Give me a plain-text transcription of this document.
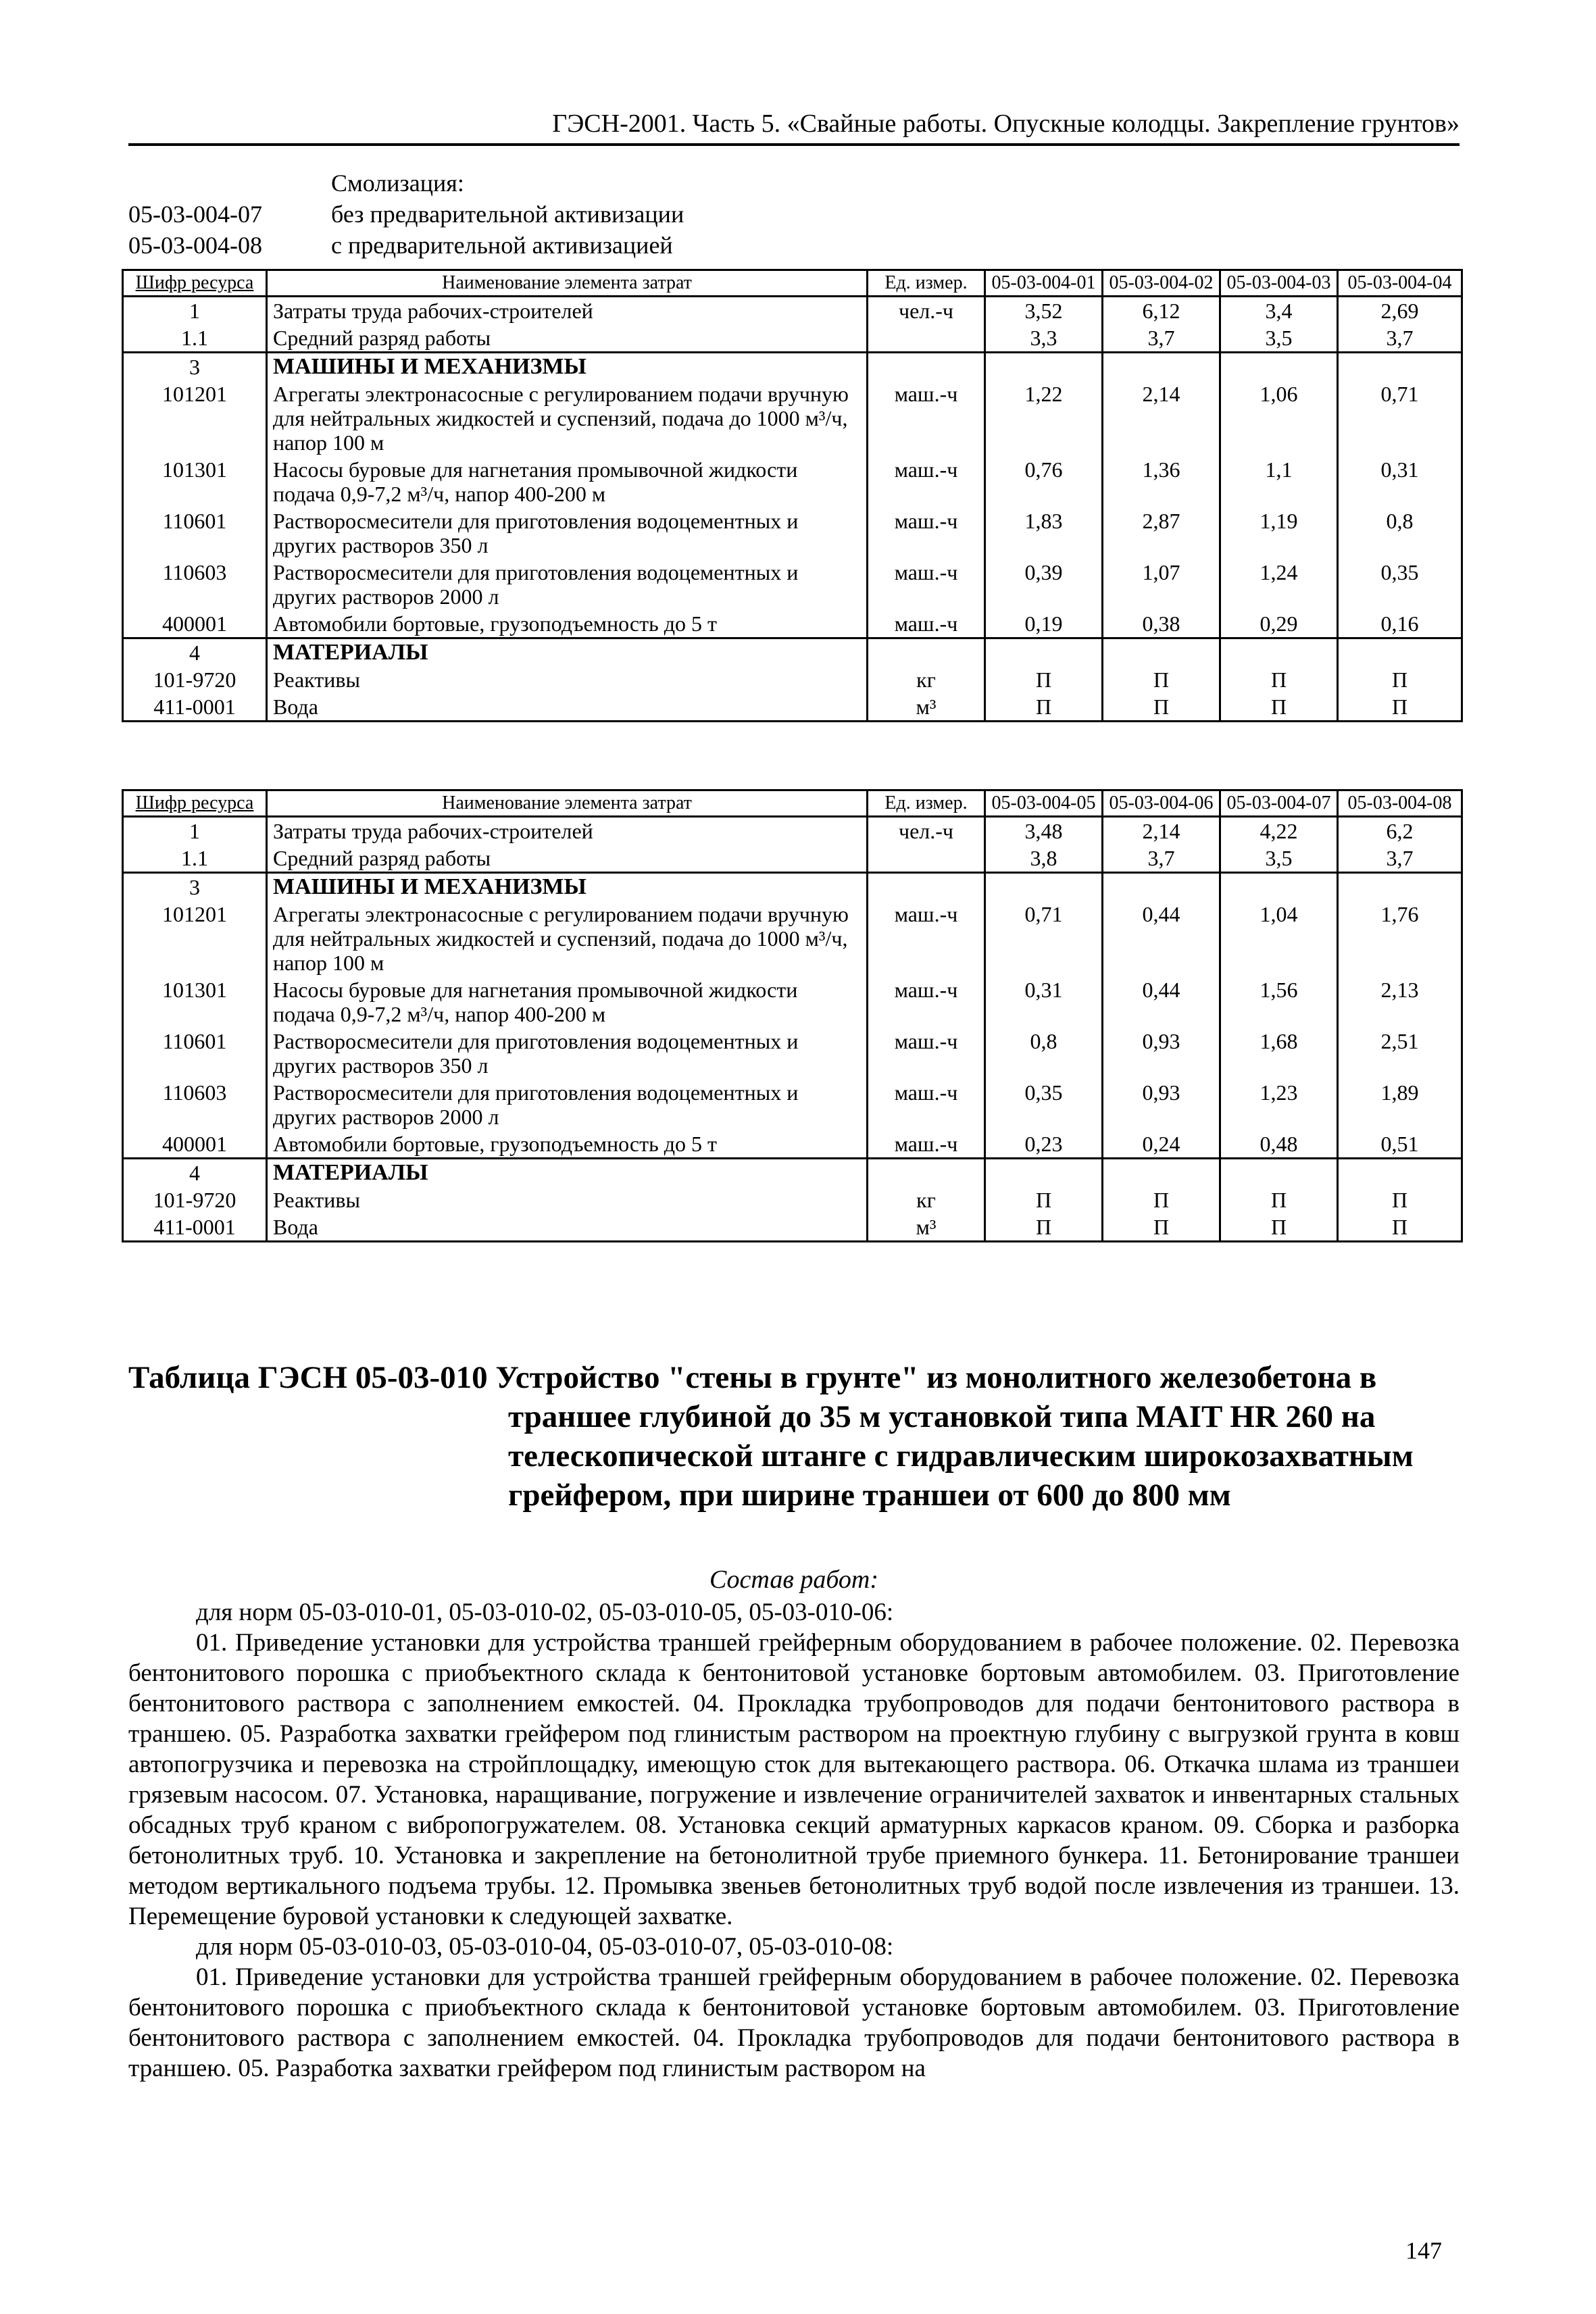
ГЭСН-2001. Часть 5. «Свайные работы. Опускные колодцы. Закрепление грунтов»
Смолизация:
05-03-004-07	без предварительной активизации
05-03-004-08	с предварительной активизацией
Шифр ресурса	Наименование элемента затрат	Ед. измер.	05-03-004-01	05-03-004-02	05-03-004-03	05-03-004-04
1	Затраты труда рабочих-строителей	чел.-ч	3,52	6,12	3,4	2,69
1.1	Средний разряд работы		3,3	3,7	3,5	3,7
3	МАШИНЫ И МЕХАНИЗМЫ					
101201	Агрегаты электронасосные с регулированием подачи вручную для нейтральных жидкостей и суспензий, подача до 1000 м³/ч, напор 100 м	маш.-ч	1,22	2,14	1,06	0,71
101301	Насосы буровые для нагнетания промывочной жидкости подача 0,9-7,2 м³/ч, напор 400-200 м	маш.-ч	0,76	1,36	1,1	0,31
110601	Растворосмесители для приготовления водоцементных и других растворов 350 л	маш.-ч	1,83	2,87	1,19	0,8
110603	Растворосмесители для приготовления водоцементных и других растворов 2000 л	маш.-ч	0,39	1,07	1,24	0,35
400001	Автомобили бортовые, грузоподъемность до 5 т	маш.-ч	0,19	0,38	0,29	0,16
4	МАТЕРИАЛЫ					
101-9720	Реактивы	кг	П	П	П	П
411-0001	Вода	м³	П	П	П	П
Шифр ресурса	Наименование элемента затрат	Ед. измер.	05-03-004-05	05-03-004-06	05-03-004-07	05-03-004-08
1	Затраты труда рабочих-строителей	чел.-ч	3,48	2,14	4,22	6,2
1.1	Средний разряд работы		3,8	3,7	3,5	3,7
3	МАШИНЫ И МЕХАНИЗМЫ					
101201	Агрегаты электронасосные с регулированием подачи вручную для нейтральных жидкостей и суспензий, подача до 1000 м³/ч, напор 100 м	маш.-ч	0,71	0,44	1,04	1,76
101301	Насосы буровые для нагнетания промывочной жидкости подача 0,9-7,2 м³/ч, напор 400-200 м	маш.-ч	0,31	0,44	1,56	2,13
110601	Растворосмесители для приготовления водоцементных и других растворов 350 л	маш.-ч	0,8	0,93	1,68	2,51
110603	Растворосмесители для приготовления водоцементных и других растворов 2000 л	маш.-ч	0,35	0,93	1,23	1,89
400001	Автомобили бортовые, грузоподъемность до 5 т	маш.-ч	0,23	0,24	0,48	0,51
4	МАТЕРИАЛЫ					
101-9720	Реактивы	кг	П	П	П	П
411-0001	Вода	м³	П	П	П	П
Таблица ГЭСН 05-03-010 Устройство "стены в грунте" из монолитного железобетона в
траншее глубиной до 35 м установкой типа MAIT HR 260 на телескопической штанге с гидравлическим широкозахватным грейфером, при ширине траншеи от 600 до 800 мм
Состав работ:

для норм 05-03-010-01, 05-03-010-02, 05-03-010-05, 05-03-010-06:

01. Приведение установки для устройства траншей грейферным оборудованием в рабочее положение. 02. Перевозка бентонитового порошка с приобъектного склада к бентонитовой установке бортовым автомобилем. 03. Приготовление бентонитового раствора с заполнением емкостей. 04. Прокладка трубопроводов для подачи бентонитового раствора в траншею. 05. Разработка захватки грейфером под глинистым раствором на проектную глубину с выгрузкой грунта в ковш автопогрузчика и перевозка на стройплощадку, имеющую сток для вытекающего раствора. 06. Откачка шлама из траншеи грязевым насосом. 07. Установка, наращивание, погружение и извлечение ограничителей захваток и инвентарных стальных обсадных труб краном с вибропогружателем. 08. Установка секций арматурных каркасов краном. 09. Сборка и разборка бетонолитных труб. 10. Установка и закрепление на бетонолитной трубе приемного бункера. 11. Бетонирование траншеи методом вертикального подъема трубы. 12. Промывка звеньев бетонолитных труб водой после извлечения из траншеи. 13. Перемещение буровой установки к следующей захватке.

для норм 05-03-010-03, 05-03-010-04, 05-03-010-07, 05-03-010-08:

01. Приведение установки для устройства траншей грейферным оборудованием в рабочее положение. 02. Перевозка бентонитового порошка с приобъектного склада к бентонитовой установке бортовым автомобилем. 03. Приготовление бентонитового раствора с заполнением емкостей. 04. Прокладка трубопроводов для подачи бентонитового раствора в траншею. 05. Разработка захватки грейфером под глинистым раствором на

147
